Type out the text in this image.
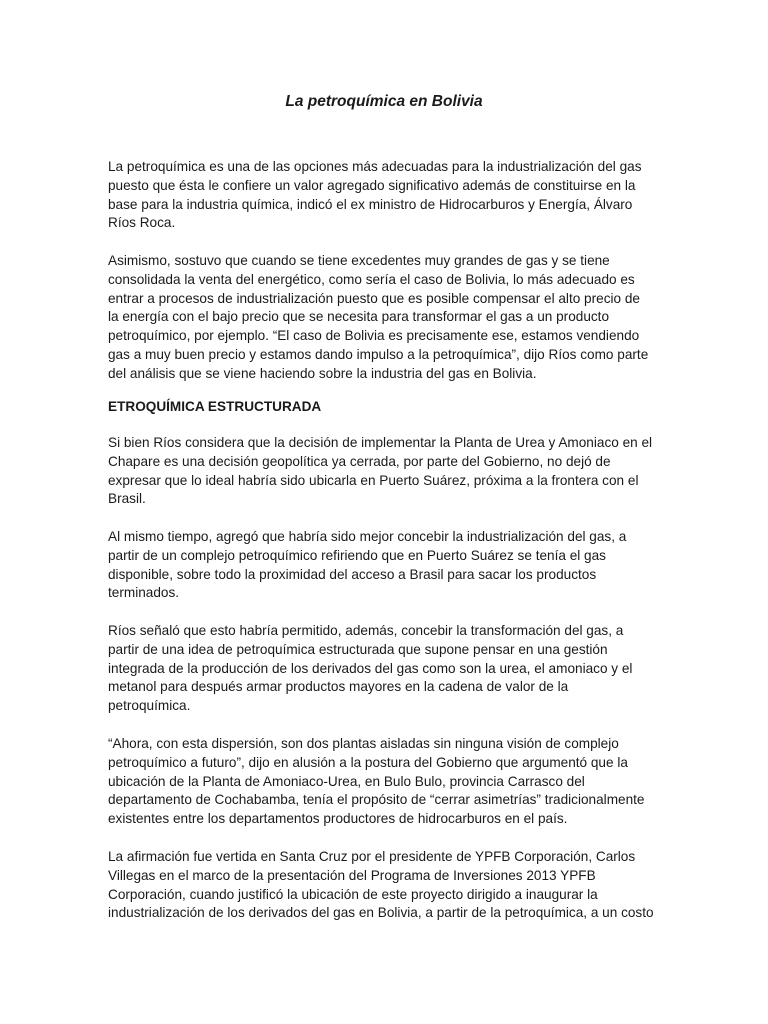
La petroquímica en Bolivia

La petroquímica es una de las opciones más adecuadas para la industrialización del gas
puesto que ésta le confiere un valor agregado significativo además de constituirse en la
base para la industria química, indicó el ex ministro de Hidrocarburos y Energía, Álvaro
Ríos Roca.

Asimismo, sostuvo que cuando se tiene excedentes muy grandes de gas y se tiene
consolidada la venta del energético, como sería el caso de Bolivia, lo más adecuado es
entrar a procesos de industrialización puesto que es posible compensar el alto precio de
la energía con el bajo precio que se necesita para transformar el gas a un producto
petroquímico, por ejemplo. “El caso de Bolivia es precisamente ese, estamos vendiendo
gas a muy buen precio y estamos dando impulso a la petroquímica”, dijo Ríos como parte
del análisis que se viene haciendo sobre la industria del gas en Bolivia.

ETROQUÍMICA ESTRUCTURADA

Si bien Ríos considera que la decisión de implementar la Planta de Urea y Amoniaco en el
Chapare es una decisión geopolítica ya cerrada, por parte del Gobierno, no dejó de
expresar que lo ideal habría sido ubicarla en Puerto Suárez, próxima a la frontera con el
Brasil.

Al mismo tiempo, agregó que habría sido mejor concebir la industrialización del gas, a
partir de un complejo petroquímico refiriendo que en Puerto Suárez se tenía el gas
disponible, sobre todo la proximidad del acceso a Brasil para sacar los productos
terminados.

Ríos señaló que esto habría permitido, además, concebir la transformación del gas, a
partir de una idea de petroquímica estructurada que supone pensar en una gestión
integrada de la producción de los derivados del gas como son la urea, el amoniaco y el
metanol para después armar productos mayores en la cadena de valor de la
petroquímica.

“Ahora, con esta dispersión, son dos plantas aisladas sin ninguna visión de complejo
petroquímico a futuro”, dijo en alusión a la postura del Gobierno que argumentó que la
ubicación de la Planta de Amoniaco-Urea, en Bulo Bulo, provincia Carrasco del
departamento de Cochabamba, tenía el propósito de “cerrar asimetrías” tradicionalmente
existentes entre los departamentos productores de hidrocarburos en el país.

La afirmación fue vertida en Santa Cruz por el presidente de YPFB Corporación, Carlos
Villegas en el marco de la presentación del Programa de Inversiones 2013 YPFB
Corporación, cuando justificó la ubicación de este proyecto dirigido a inaugurar la
industrialización de los derivados del gas en Bolivia, a partir de la petroquímica, a un costo
